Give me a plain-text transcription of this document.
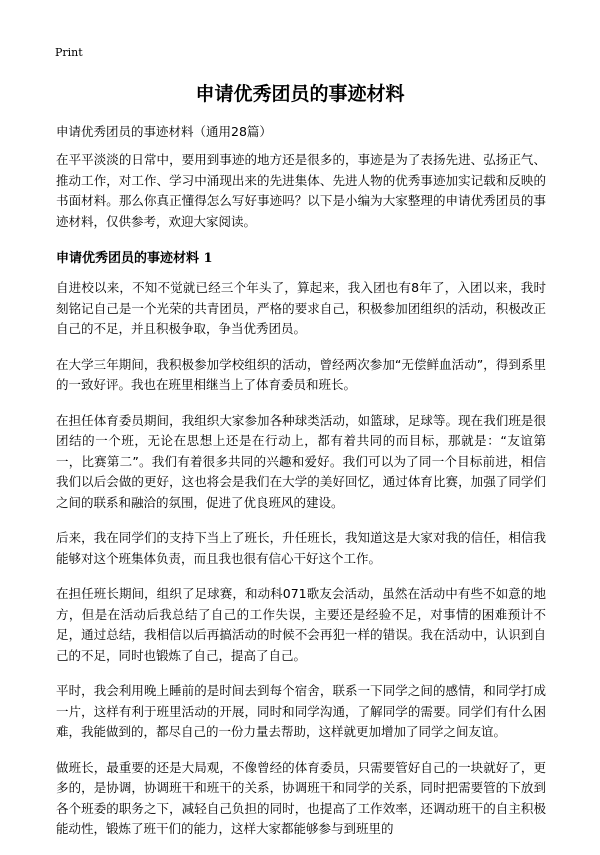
Print
申请优秀团员的事迹材料
申请优秀团员的事迹材料（通用28篇）

在平平淡淡的日常中，要用到事迹的地方还是很多的，事迹是为了表扬先进、弘扬正气、推动工作，对工作、学习中涌现出来的先进集体、先进人物的优秀事迹加实记载和反映的书面材料。那么你真正懂得怎么写好事迹吗？以下是小编为大家整理的申请优秀团员的事迹材料，仅供参考，欢迎大家阅读。

申请优秀团员的事迹材料 1

自进校以来，不知不觉就已经三个年头了，算起来，我入团也有8年了，入团以来，我时刻铭记自己是一个光荣的共青团员，严格的要求自己，积极参加团组织的活动，积极改正自己的不足，并且积极争取，争当优秀团员。

在大学三年期间，我积极参加学校组织的活动，曾经两次参加“无偿鲜血活动”，得到系里的一致好评。我也在班里相继当上了体育委员和班长。

在担任体育委员期间，我组织大家参加各种球类活动，如篮球，足球等。现在我们班是很团结的一个班，无论在思想上还是在行动上，都有着共同的而目标，那就是：“友谊第一，比赛第二”。我们有着很多共同的兴趣和爱好。我们可以为了同一个目标前进，相信我们以后会做的更好，这也将会是我们在大学的美好回忆，通过体育比赛，加强了同学们之间的联系和融洽的氛围，促进了优良班风的建设。

后来，我在同学们的支持下当上了班长，升任班长，我知道这是大家对我的信任，相信我能够对这个班集体负责，而且我也很有信心干好这个工作。

在担任班长期间，组织了足球赛，和动科071歌友会活动，虽然在活动中有些不如意的地方，但是在活动后我总结了自己的工作失误，主要还是经验不足，对事情的困难预计不足，通过总结，我相信以后再搞活动的时候不会再犯一样的错误。我在活动中，认识到自己的不足，同时也锻炼了自己，提高了自己。

平时，我会利用晚上睡前的是时间去到每个宿舍，联系一下同学之间的感情，和同学打成一片，这样有利于班里活动的开展，同时和同学沟通，了解同学的需要。同学们有什么困难，我能做到的，都尽自己的一份力量去帮助，这样就更加增加了同学之间友谊。

做班长，最重要的还是大局观，不像曾经的体育委员，只需要管好自己的一块就好了，更多的，是协调，协调班干和班干的关系，协调班干和同学的关系，同时把需要管的下放到各个班委的职务之下，减轻自己负担的同时，也提高了工作效率，还调动班干的自主积极能动性，锻炼了班干们的能力，这样大家都能够参与到班里的
